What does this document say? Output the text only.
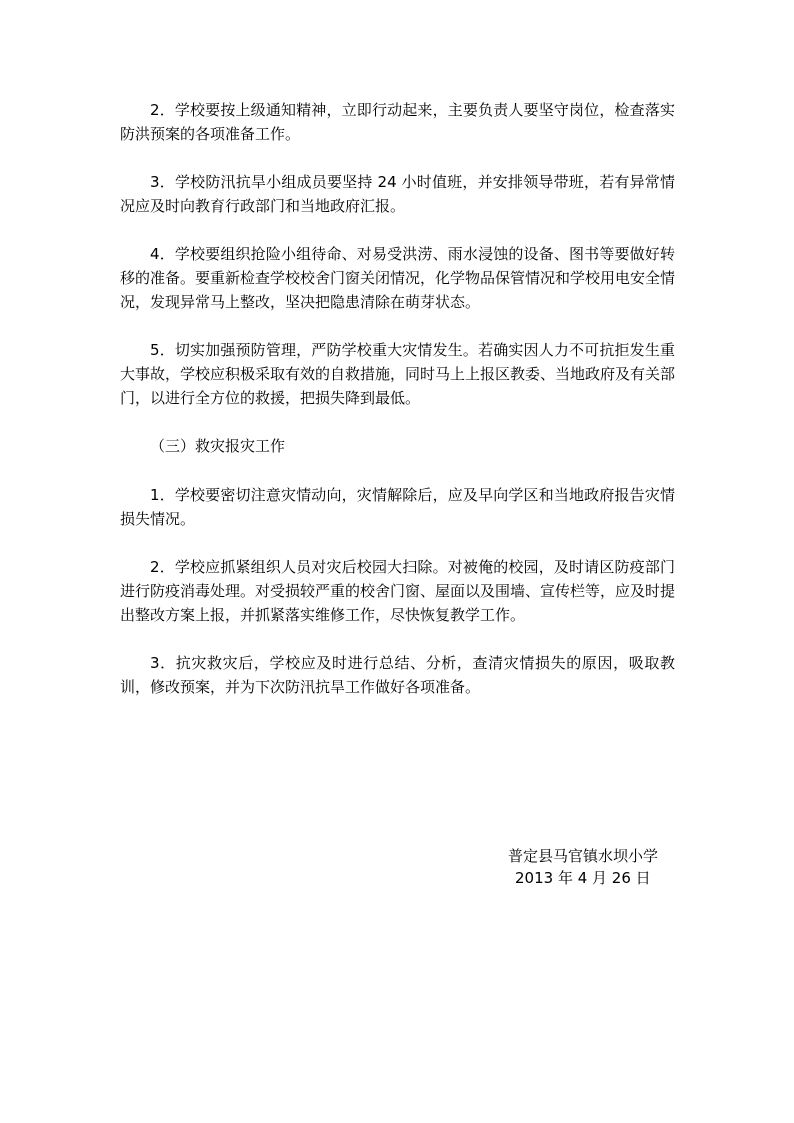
2．学校要按上级通知精神，立即行动起来，主要负责人要坚守岗位，检查落实防洪预案的各项准备工作。

3．学校防汛抗旱小组成员要坚持 24 小时值班，并安排领导带班，若有异常情况应及时向教育行政部门和当地政府汇报。

4．学校要组织抢险小组待命、对易受洪涝、雨水浸蚀的设备、图书等要做好转移的准备。要重新检查学校校舍门窗关闭情况，化学物品保管情况和学校用电安全情况，发现异常马上整改，坚决把隐患清除在萌芽状态。

5．切实加强预防管理，严防学校重大灾情发生。若确实因人力不可抗拒发生重大事故，学校应积极采取有效的自救措施，同时马上上报区教委、当地政府及有关部门，以进行全方位的救援，把损失降到最低。

（三）救灾报灾工作

1．学校要密切注意灾情动向，灾情解除后，应及早向学区和当地政府报告灾情损失情况。

2．学校应抓紧组织人员对灾后校园大扫除。对被俺的校园，及时请区防疫部门进行防疫消毒处理。对受损较严重的校舍门窗、屋面以及围墙、宣传栏等，应及时提出整改方案上报，并抓紧落实维修工作，尽快恢复教学工作。

3．抗灾救灾后，学校应及时进行总结、分析，查清灾情损失的原因，吸取教训，修改预案，并为下次防汛抗旱工作做好各项准备。

普定县马官镇水坝小学
2013 年 4 月 26 日
